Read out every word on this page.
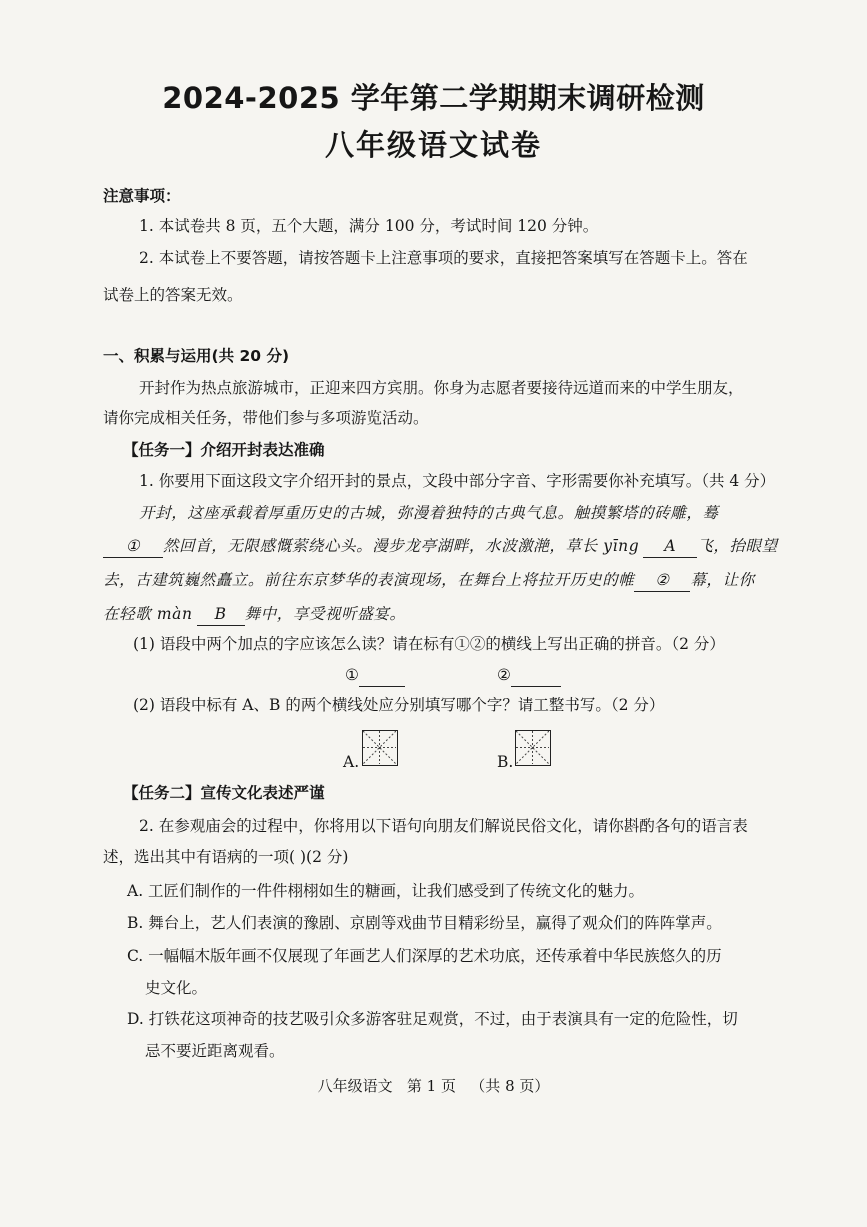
2024-2025 学年第二学期期末调研检测
八年级语文试卷
注意事项：
1. 本试卷共 8 页，五个大题，满分 100 分，考试时间 120 分钟。
2. 本试卷上不要答题，请按答题卡上注意事项的要求，直接把答案填写在答题卡上。答在
试卷上的答案无效。
一、积累与运用(共 20 分)
开封作为热点旅游城市，正迎来四方宾朋。你身为志愿者要接待远道而来的中学生朋友，
请你完成相关任务，带他们参与多项游览活动。
【任务一】介绍开封表达准确
1. 你要用下面这段文字介绍开封的景点，文段中部分字音、字形需要你补充填写。（共 4 分）
开封，这座承载着厚重历史的古城，弥漫着独特的古典气息。触摸繁塔的砖雕，蓦
① 然回首，无限感慨萦绕心头。漫步龙亭湖畔，水波激滟，草长 yīng A 飞，抬眼望
去，古建筑巍然矗立。前往东京梦华的表演现场，在舞台上将拉开历史的帷 ② 幕，让你
在轻歌 màn B 舞中，享受视听盛宴。
(1) 语段中两个加点的字应该怎么读？请在标有①②的横线上写出正确的拼音。（2 分）
①	②
(2) 语段中标有 A、B 的两个横线处应分别填写哪个字？请工整书写。（2 分）
A.	B.
【任务二】宣传文化表述严谨
2. 在参观庙会的过程中，你将用以下语句向朋友们解说民俗文化，请你斟酌各句的语言表
述，选出其中有语病的一项( )(2 分)
A. 工匠们制作的一件件栩栩如生的糖画，让我们感受到了传统文化的魅力。
B. 舞台上，艺人们表演的豫剧、京剧等戏曲节目精彩纷呈，赢得了观众们的阵阵掌声。
C. 一幅幅木版年画不仅展现了年画艺人们深厚的艺术功底，还传承着中华民族悠久的历
史文化。
D. 打铁花这项神奇的技艺吸引众多游客驻足观赏，不过，由于表演具有一定的危险性，切
忌不要近距离观看。
八年级语文   第 1 页   （共 8 页）
